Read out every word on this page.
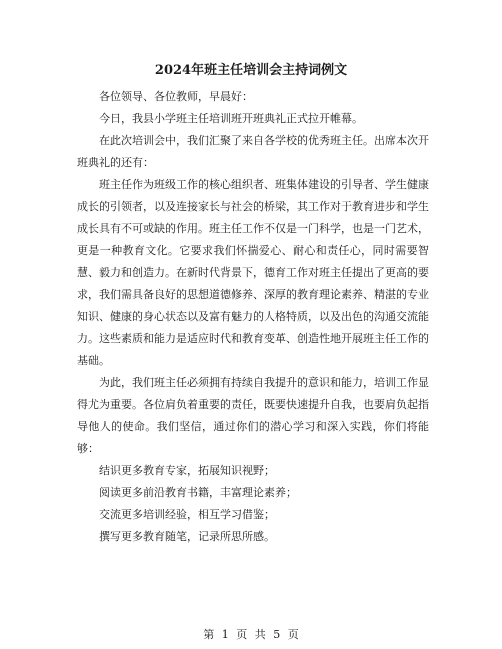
2024年班主任培训会主持词例文

各位领导、各位教师，早晨好：

今日，我县小学班主任培训班开班典礼正式拉开帷幕。

在此次培训会中，我们汇聚了来自各学校的优秀班主任。出席本次开班典礼的还有：

班主任作为班级工作的核心组织者、班集体建设的引导者、学生健康成长的引领者，以及连接家长与社会的桥梁，其工作对于教育进步和学生成长具有不可或缺的作用。班主任工作不仅是一门科学，也是一门艺术，更是一种教育文化。它要求我们怀揣爱心、耐心和责任心，同时需要智慧、毅力和创造力。在新时代背景下，德育工作对班主任提出了更高的要求，我们需具备良好的思想道德修养、深厚的教育理论素养、精湛的专业知识、健康的身心状态以及富有魅力的人格特质，以及出色的沟通交流能力。这些素质和能力是适应时代和教育变革、创造性地开展班主任工作的基础。

为此，我们班主任必须拥有持续自我提升的意识和能力，培训工作显得尤为重要。各位肩负着重要的责任，既要快速提升自我，也要肩负起指导他人的使命。我们坚信，通过你们的潜心学习和深入实践，你们将能够：

结识更多教育专家，拓展知识视野；

阅读更多前沿教育书籍，丰富理论素养；

交流更多培训经验，相互学习借鉴；

撰写更多教育随笔，记录所思所感。

第 1 页 共 5 页
